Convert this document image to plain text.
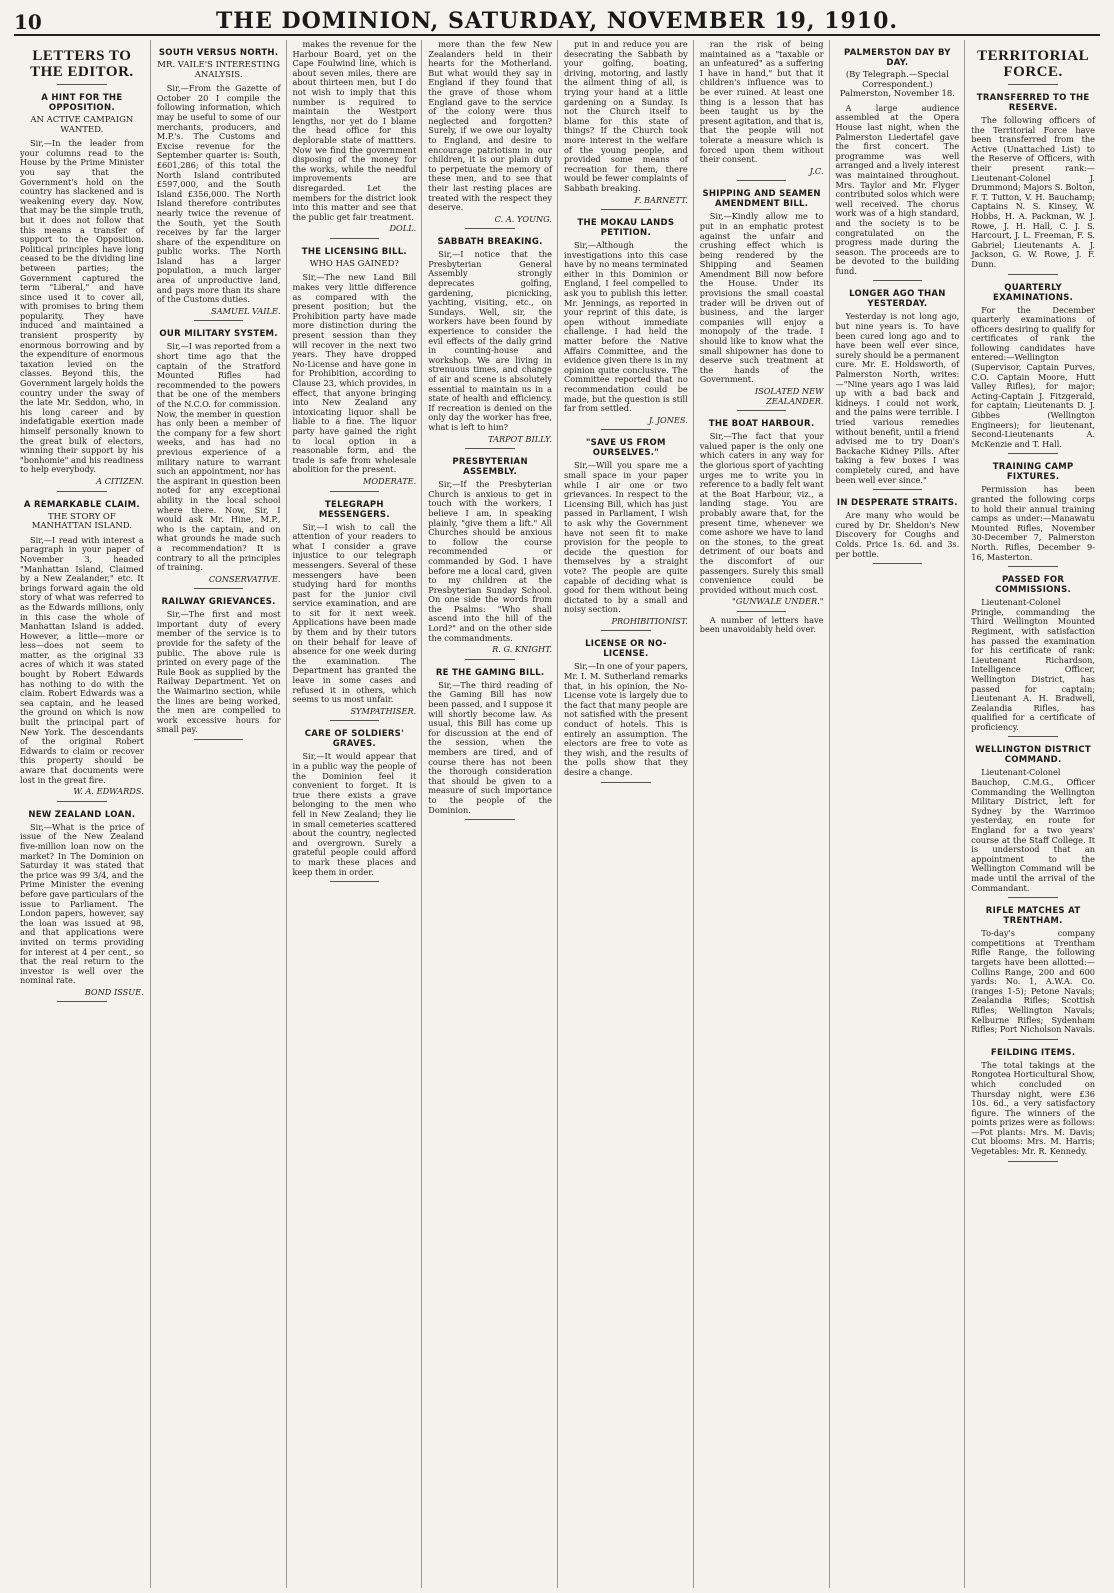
10	THE DOMINION, SATURDAY, NOVEMBER 19, 1910.
LETTERS TO THE EDITOR.
A HINT FOR THE OPPOSITION.
AN ACTIVE CAMPAIGN WANTED.

Sir,—In the leader from your columns read to the House by the Prime Minister you say that the Government's hold on the country has slackened and is weakening every day. Now, that may be the simple truth, but it does not follow that this means a transfer of support to the Opposition. Political principles have long ceased to be the dividing line between parties; the Government captured the term "Liberal," and have since used it to cover all, with promises to bring them popularity. They have induced and maintained a transient prosperity by enormous borrowing and by the expenditure of enormous taxation levied on the classes. Beyond this, the Government largely holds the country under the sway of the late Mr. Seddon, who, in his long career and by indefatigable exertion made himself personally known to the great bulk of electors, winning their support by his "bonhomie" and his readiness to help everybody.

A CITIZEN.

A REMARKABLE CLAIM.
THE STORY OF MANHATTAN ISLAND.

Sir,—I read with interest a paragraph in your paper of November 3, headed "Manhattan Island, Claimed by a New Zealander," etc. It brings forward again the old story of what was referred to as the Edwards millions, only in this case the whole of Manhattan Island is added. However, a little—more or less—does not seem to matter, as the original 33 acres of which it was stated bought by Robert Edwards has nothing to do with the claim. Robert Edwards was a sea captain, and he leased the ground on which is now built the principal part of New York. The descendants of the original Robert Edwards to claim or recover this property should be aware that documents were lost in the great fire.

W. A. EDWARDS.

NEW ZEALAND LOAN.

Sir,—What is the price of issue of the New Zealand five-million loan now on the market? In The Dominion on Saturday it was stated that the price was 99 3/4, and the Prime Minister the evening before gave particulars of the issue to Parliament. The London papers, however, say the loan was issued at 98, and that applications were invited on terms providing for interest at 4 per cent., so that the real return to the investor is well over the nominal rate.

BOND ISSUE.

SOUTH VERSUS NORTH.
MR. VAILE'S INTERESTING ANALYSIS.

Sir,—From the Gazette of October 20 I compile the following information, which may be useful to some of our merchants, producers, and M.P.'s. The Customs and Excise revenue for the September quarter is: South, £601,286; of this total the North Island contributed £597,000, and the South Island £356,000. The North Island therefore contributes nearly twice the revenue of the South, yet the South receives by far the larger share of the expenditure on public works. The North Island has a larger population, a much larger area of unproductive land, and pays more than its share of the Customs duties.

SAMUEL VAILE.

OUR MILITARY SYSTEM.

Sir,—I was reported from a short time ago that the captain of the Stratford Mounted Rifles had recommended to the powers that be one of the members of the N.C.O. for commission. Now, the member in question has only been a member of the company for a few short weeks, and has had no previous experience of a military nature to warrant such an appointment, nor has the aspirant in question been noted for any exceptional ability in the local school where there. Now, Sir, I would ask Mr. Hine, M.P., who is the captain, and on what grounds he made such a recommendation? It is contrary to all the principles of training.

CONSERVATIVE.

RAILWAY GRIEVANCES.

Sir,—The first and most important duty of every member of the service is to provide for the safety of the public. The above rule is printed on every page of the Rule Book as supplied by the Railway Department. Yet on the Waimarino section, while the lines are being worked, the men are compelled to work excessive hours for small pay.

makes the revenue for the Harbour Board, yet on the Cape Foulwind line, which is about seven miles, there are about thirteen men, but I do not wish to imply that this number is required to maintain the Westport lengths, nor yet do I blame the head office for this deplorable state of mattters. Now we find the government disposing of the money for the works, while the needful improvements are disregarded. Let the members for the district look into this matter and see that the public get fair treatment.

DOLL.

THE LICENSING BILL.
WHO HAS GAINED?

Sir,—The new Land Bill makes very little difference as compared with the present position; but the Prohibition party have made more distinction during the present session than they will recover in the next two years. They have dropped No-License and have gone in for Prohibition, according to Clause 23, which provides, in effect, that anyone bringing into New Zealand any intoxicating liquor shall be liable to a fine. The liquor party have gained the right to local option in a reasonable form, and the trade is safe from wholesale abolition for the present.

MODERATE.

TELEGRAPH MESSENGERS.

Sir,—I wish to call the attention of your readers to what I consider a grave injustice to our telegraph messengers. Several of these messengers have been studying hard for months past for the junior civil service examination, and are to sit for it next week. Applications have been made by them and by their tutors on their behalf for leave of absence for one week during the examination. The Department has granted the leave in some cases and refused it in others, which seems to us most unfair.

SYMPATHISER.

CARE OF SOLDIERS' GRAVES.

Sir,—It would appear that in a public way the people of the Dominion feel it convenient to forget. It is true there exists a grave belonging to the men who fell in New Zealand; they lie in small cemeteries scattered about the country, neglected and overgrown. Surely a grateful people could afford to mark these places and keep them in order.

more than the few New Zealanders held in their hearts for the Motherland. But what would they say in England if they found that the grave of those whom England gave to the service of the colony were thus neglected and forgotten? Surely, if we owe our loyalty to England, and desire to encourage patriotism in our children, it is our plain duty to perpetuate the memory of these men, and to see that their last resting places are treated with the respect they deserve.

C. A. YOUNG.

SABBATH BREAKING.

Sir,—I notice that the Presbyterian General Assembly strongly deprecates golfing, gardening, picnicking, yachting, visiting, etc., on Sundays. Well, sir, the workers have been found by experience to consider the evil effects of the daily grind in counting-house and workshop. We are living in strenuous times, and change of air and scene is absolutely essential to maintain us in a state of health and efficiency. If recreation is denied on the only day the worker has free, what is left to him?

TARPOT BILLY.

PRESBYTERIAN ASSEMBLY.

Sir,—If the Presbyterian Church is anxious to get in touch with the workers, I believe I am, in speaking plainly, "give them a lift." All Churches should be anxious to follow the course recommended or commanded by God. I have before me a local card, given to my children at the Presbyterian Sunday School. On one side the words from the Psalms: "Who shall ascend into the hill of the Lord?" and on the other side the commandments.

R. G. KNIGHT.

RE THE GAMING BILL.

Sir,—The third reading of the Gaming Bill has now been passed, and I suppose it will shortly become law. As usual, this Bill has come up for discussion at the end of the session, when the members are tired, and of course there has not been the thorough consideration that should be given to a measure of such importance to the people of the Dominion.

put in and reduce you are desecrating the Sabbath by your golfing, boating, driving, motoring, and lastly the ailment thing of all, is trying your hand at a little gardening on a Sunday. Is not the Church itself to blame for this state of things? If the Church took more interest in the welfare of the young people, and provided some means of recreation for them, there would be fewer complaints of Sabbath breaking.

F. BARNETT.

THE MOKAU LANDS PETITION.

Sir,—Although the investigations into this case have by no means terminated either in this Dominion or England, I feel compelled to ask you to publish this letter. Mr. Jennings, as reported in your reprint of this date, is open without immediate challenge. I had held the matter before the Native Affairs Committee, and the evidence given there is in my opinion quite conclusive. The Committee reported that no recommendation could be made, but the question is still far from settled.

J. JONES.

"SAVE US FROM OURSELVES."

Sir,—Will you spare me a small space in your paper while I air one or two grievances. In respect to the Licensing Bill, which has just passed in Parliament, I wish to ask why the Government have not seen fit to make provision for the people to decide the question for themselves by a straight vote? The people are quite capable of deciding what is good for them without being dictated to by a small and noisy section.

PROHIBITIONIST.

LICENSE OR NO-LICENSE.

Sir,—In one of your papers, Mr. I. M. Sutherland remarks that, in his opinion, the No-License vote is largely due to the fact that many people are not satisfied with the present conduct of hotels. This is entirely an assumption. The electors are free to vote as they wish, and the results of the polls show that they desire a change.

ran the risk of being maintained as a "taxable or an unfeatured" as a suffering I have in hand," but that it children's influence was to be ever ruined. At least one thing is a lesson that has been taught us by the present agitation, and that is, that the people will not tolerate a measure which is forced upon them without their consent.

J.C.

SHIPPING AND SEAMEN AMENDMENT BILL.

Sir,—Kindly allow me to put in an emphatic protest against the unfair and crushing effect which is being rendered by the Shipping and Seamen Amendment Bill now before the House. Under its provisions the small coastal trader will be driven out of business, and the larger companies will enjoy a monopoly of the trade. I should like to know what the small shipowner has done to deserve such treatment at the hands of the Government.

ISOLATED NEW ZEALANDER.

THE BOAT HARBOUR.

Sir,—The fact that your valued paper is the only one which caters in any way for the glorious sport of yachting urges me to write you in reference to a badly felt want at the Boat Harbour, viz., a landing stage. You are probably aware that, for the present time, whenever we come ashore we have to land on the stones, to the great detriment of our boats and the discomfort of our passengers. Surely this small convenience could be provided without much cost.

"GUNWALE UNDER."

A number of letters have been unavoidably held over.

PALMERSTON DAY BY DAY.
(By Telegraph.—Special Correspondent.) Palmerston, November 18.

A large audience assembled at the Opera House last night, when the Palmerston Liedertafel gave the first concert. The programme was well arranged and a lively interest was maintained throughout. Mrs. Taylor and Mr. Flyger contributed solos which were well received. The chorus work was of a high standard, and the society is to be congratulated on the progress made during the season. The proceeds are to be devoted to the building fund.

LONGER AGO THAN YESTERDAY.

Yesterday is not long ago, but nine years is. To have been cured long ago and to have been well ever since, surely should be a permanent cure. Mr. E. Holdsworth, of Palmerston North, writes:—"Nine years ago I was laid up with a bad back and kidneys. I could not work, and the pains were terrible. I tried various remedies without benefit, until a friend advised me to try Doan's Backache Kidney Pills. After taking a few boxes I was completely cured, and have been well ever since."

IN DESPERATE STRAITS.

Are many who would be cured by Dr. Sheldon's New Discovery for Coughs and Colds. Price 1s. 6d. and 3s. per bottle.

TERRITORIAL FORCE.
TRANSFERRED TO THE RESERVE.

The following officers of the Territorial Force have been transferred from the Active (Unattached List) to the Reserve of Officers, with their present rank:—Lieutenant-Colonel J. Drummond; Majors S. Bolton, F. T. Tutton, V. H. Bauchamp; Captains N. S. Kinsey, W. Hobbs, H. A. Packman, W. J. Rowe, J. H. Hall, C. J. S. Harcourt, J. L. Freeman, F. S. Gabriel; Lieutenants A. J. Jackson, G. W. Rowe, J. F. Dunn.

QUARTERLY EXAMINATIONS.

For the December quarterly examinations of officers desiring to qualify for certificates of rank the following candidates have entered:—Wellington (Supervisor, Captain Purves, C.O. Captain Moore, Hutt Valley Rifles), for major; Acting-Captain J. Fitzgerald, for captain; Lieutenants D. J. Gibbes (Wellington Engineers); for lieutenant, Second-Lieutenants A. McKenzie and T. Hall.

TRAINING CAMP FIXTURES.

Permission has been granted the following corps to hold their annual training camps as under:—Manawatu Mounted Rifles, November 30-December 7, Palmerston North. Rifles, December 9-16, Masterton.

PASSED FOR COMMISSIONS.

Lieutenant-Colonel Pringle, commanding the Third Wellington Mounted Regiment, with satisfaction has passed the examination for his certificate of rank: Lieutenant Richardson, Intelligence Officer, Wellington District, has passed for captain; Lieutenant A. H. Bradwell, Zealandia Rifles, has qualified for a certificate of proficiency.

WELLINGTON DISTRICT COMMAND.

Lieutenant-Colonel Bauchop, C.M.G., Officer Commanding the Wellington Military District, left for Sydney by the Warrimoo yesterday, en route for England for a two years' course at the Staff College. It is understood that an appointment to the Wellington Command will be made until the arrival of the Commandant.

RIFLE MATCHES AT TRENTHAM.

To-day's company competitions at Trentham Rifle Range, the following targets have been allotted:—Collins Range, 200 and 600 yards: No. 1, A.W.A. Co. (ranges 1-5); Petone Navals; Zealandia Rifles; Scottish Rifles; Wellington Navals; Kelburne Rifles; Sydenham Rifles; Port Nicholson Navals.

FEILDING ITEMS.

The total takings at the Rongotea Horticultural Show, which concluded on Thursday night, were £36 10s. 6d., a very satisfactory figure. The winners of the points prizes were as follows:—Pot plants: Mrs. M. Davis; Cut blooms: Mrs. M. Harris; Vegetables: Mr. R. Kennedy.
